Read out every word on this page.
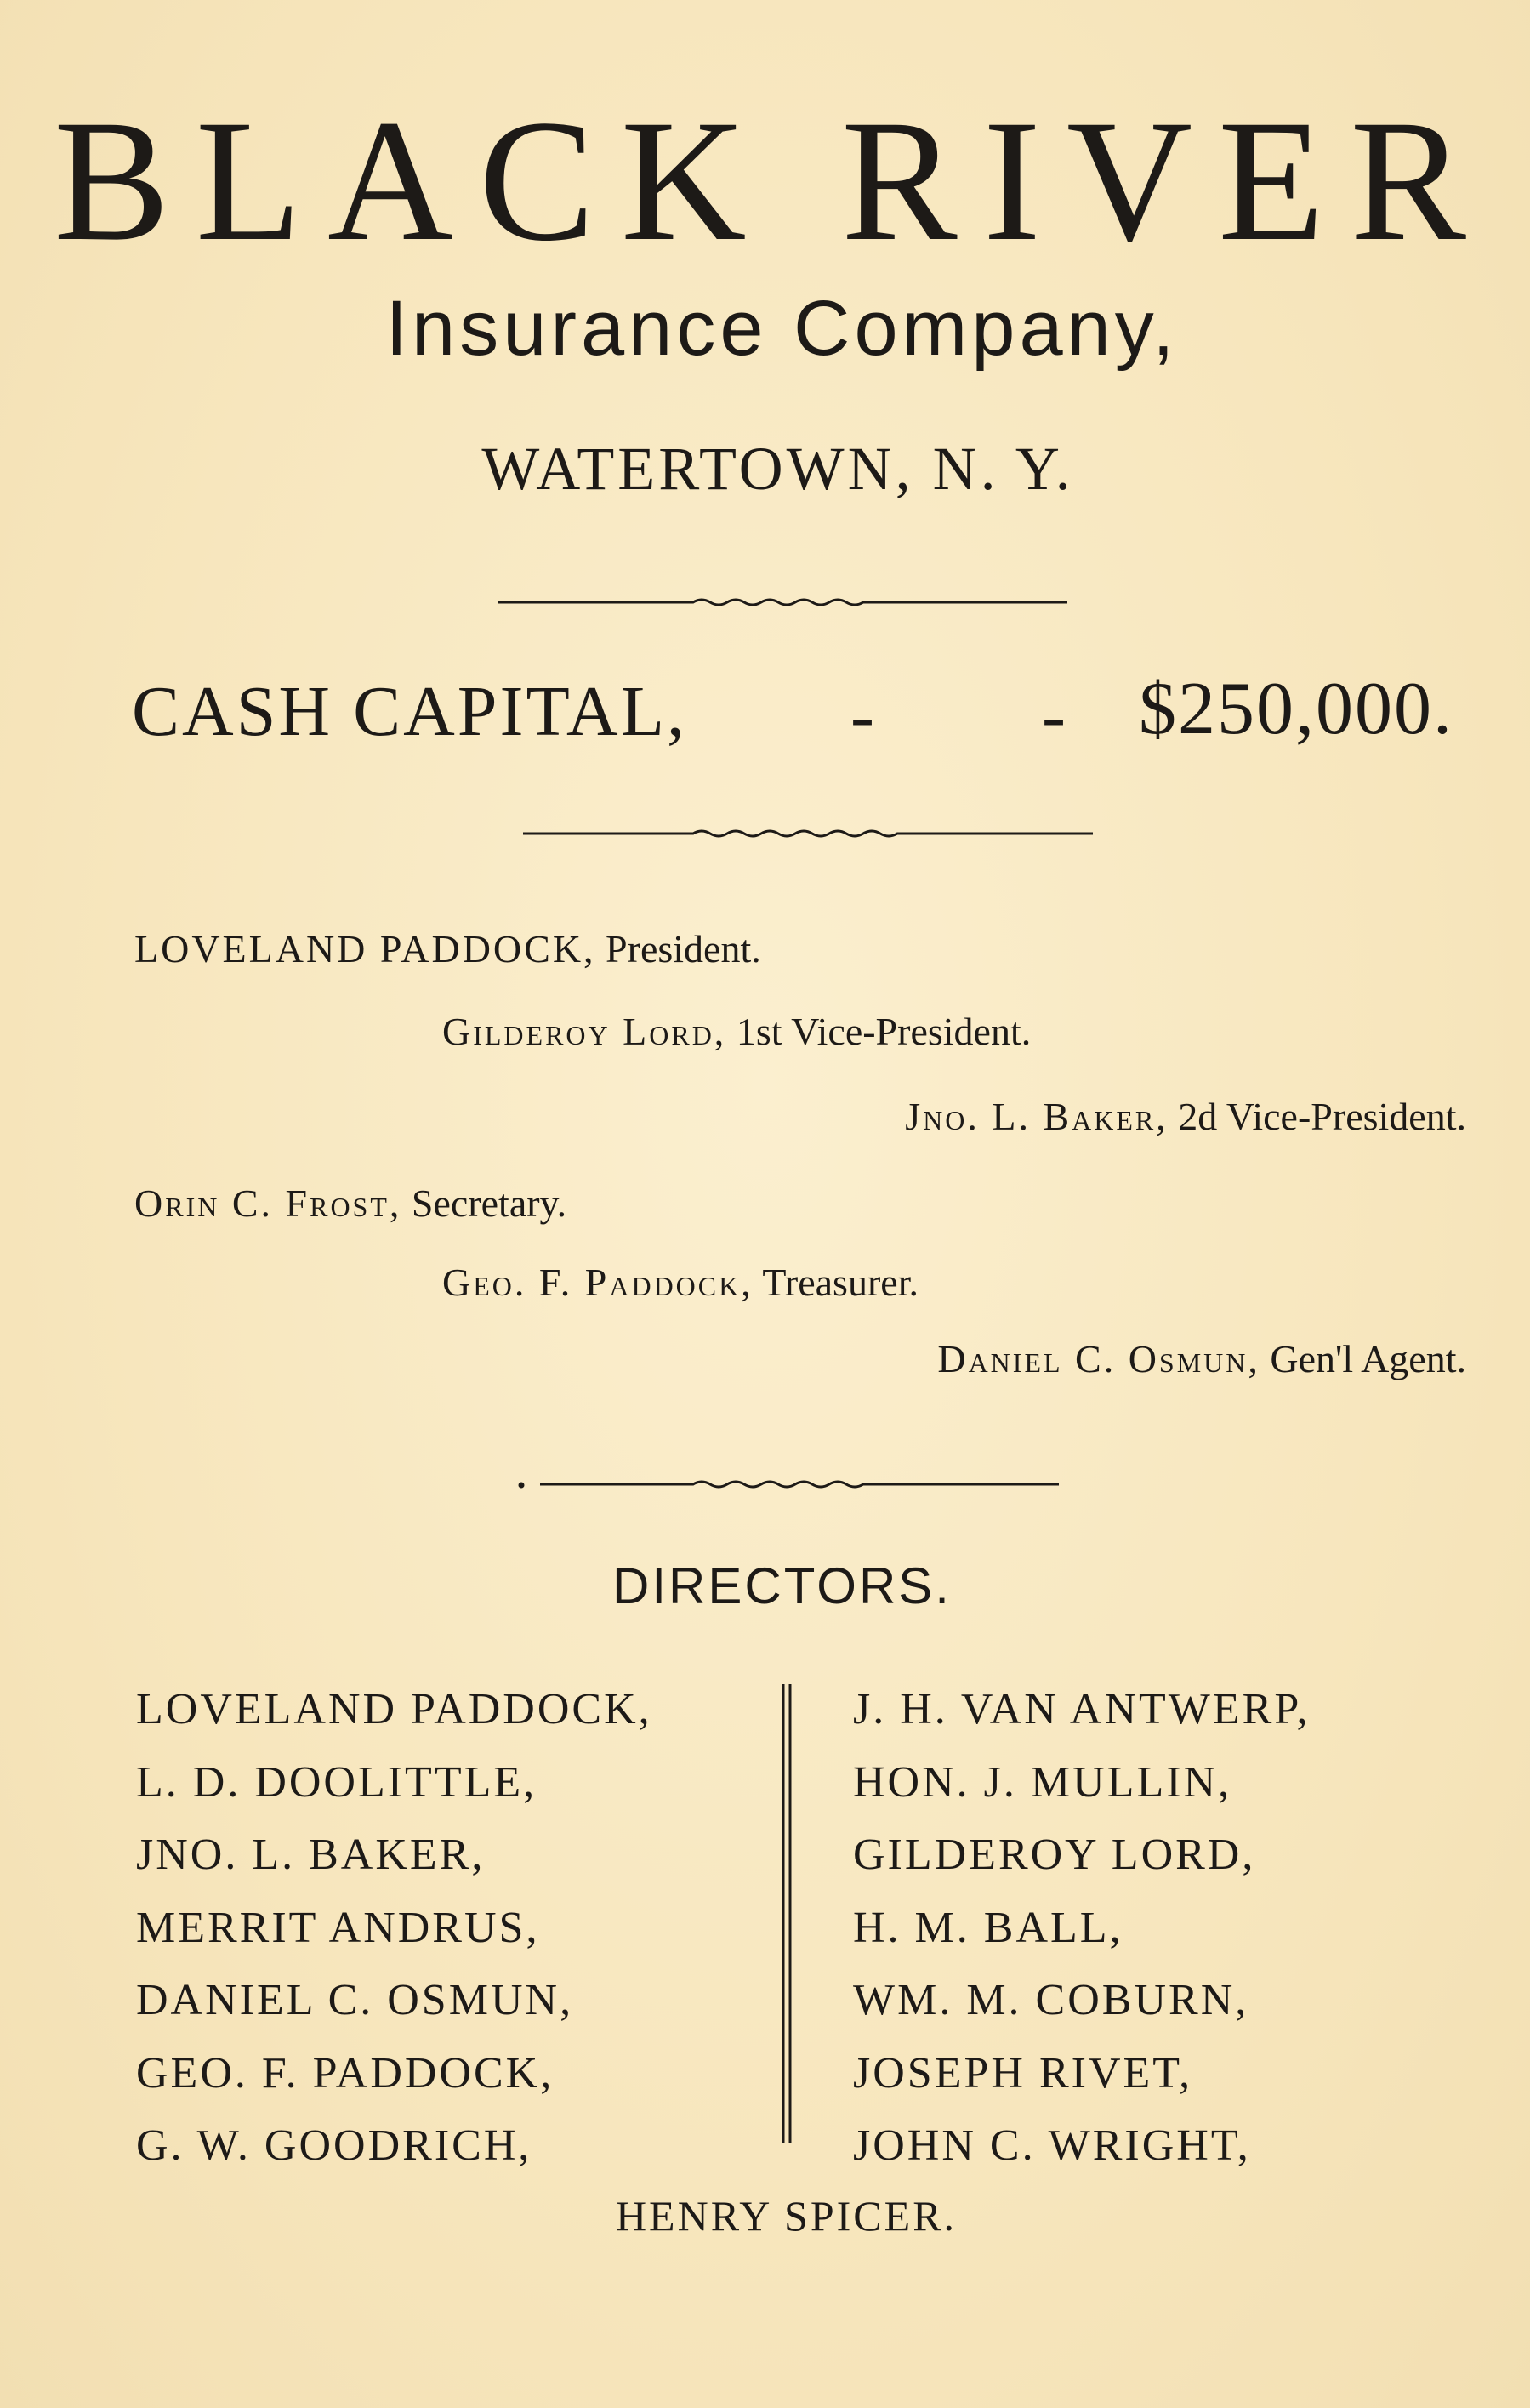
BLACK RIVER
Insurance Company,
WATERTOWN, N. Y.
CASH CAPITAL, - - $250,000.
LOVELAND PADDOCK, President.
Gilderoy Lord, 1st Vice-President.
Jno. L. Baker, 2d Vice-President.
Orin C. Frost, Secretary.
Geo. F. Paddock, Treasurer.
Daniel C. Osmun, Gen'l Agent.
DIRECTORS.
LOVELAND PADDOCK,
L. D. DOOLITTLE,
JNO. L. BAKER,
MERRIT ANDRUS,
DANIEL C. OSMUN,
GEO. F. PADDOCK,
G. W. GOODRICH,
J. H. VAN ANTWERP,
HON. J. MULLIN,
GILDEROY LORD,
H. M. BALL,
WM. M. COBURN,
JOSEPH RIVET,
JOHN C. WRIGHT,
HENRY SPICER.
